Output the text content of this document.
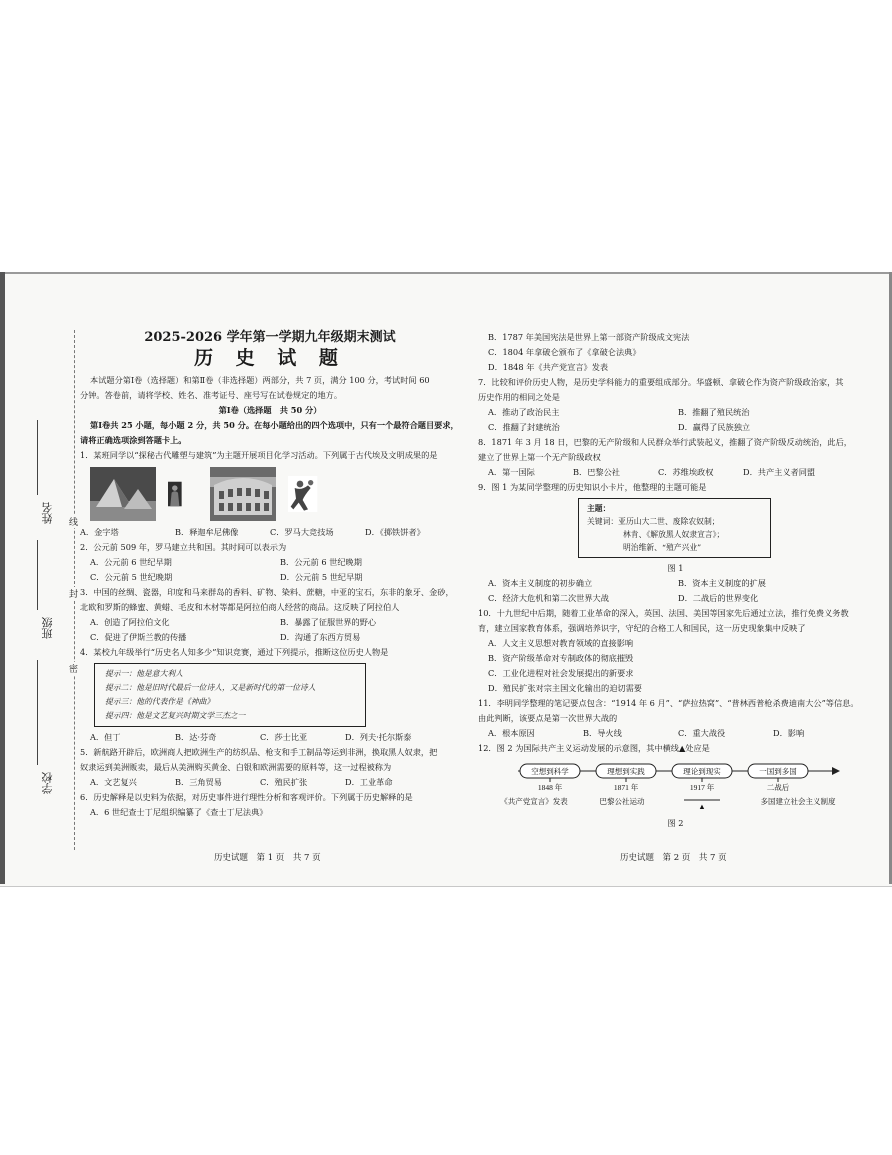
姓名
班级
学校
线
封
密

2025-2026 学年第一学期九年级期末测试

历 史 试 题

本试题分第Ⅰ卷（选择题）和第Ⅱ卷（非选择题）两部分，共 7 页，满分 100 分，考试时间 60

分钟。答卷前，请将学校、姓名、准考证号、座号写在试卷规定的地方。

第Ⅰ卷（选择题　共 50 分）

第Ⅰ卷共 25 小题，每小题 2 分，共 50 分。在每小题给出的四个选项中，只有一个最符合题目要求，

请将正确选项涂到答题卡上。

1．某班同学以“探秘古代雕塑与建筑”为主题开展项目化学习活动。下列属于古代埃及文明成果的是

A．金字塔	B．释迦牟尼佛像	C．罗马大竞技场	D．《掷铁饼者》

2．公元前 509 年，罗马建立共和国。其时间可以表示为

A．公元前 6 世纪早期	B．公元前 6 世纪晚期
C．公元前 5 世纪晚期	D．公元前 5 世纪早期

3．中国的丝绸、瓷器，印度和马来群岛的香料、矿物、染料、蔗糖，中亚的宝石，东非的象牙、金砂，

北欧和罗斯的蜂蜜、黄蜡、毛皮和木材等都是阿拉伯商人经营的商品。这反映了阿拉伯人

A．创造了阿拉伯文化	B．暴露了征服世界的野心
C．促进了伊斯兰教的传播	D．沟通了东西方贸易

4．某校九年级举行“历史名人知多少”知识竞赛，通过下列提示，推断这位历史人物是

提示一：他是意大利人
提示二：他是旧时代最后一位诗人，又是新时代的第一位诗人
提示三：他的代表作是《神曲》
提示四：他是文艺复兴时期文学三杰之一
A．但丁	B．达·芬奇	C．莎士比亚	D．列夫·托尔斯泰

5．新航路开辟后，欧洲商人把欧洲生产的纺织品、枪支和手工制品等运到非洲，换取黑人奴隶，把

奴隶运到美洲贩卖，最后从美洲购买黄金、白银和欧洲需要的原料等，这一过程被称为

A．文艺复兴	B．三角贸易	C．殖民扩张	D．工业革命

6．历史解释是以史料为依据，对历史事件进行理性分析和客观评价。下列属于历史解释的是

A．6 世纪查士丁尼组织编纂了《查士丁尼法典》

B．1787 年美国宪法是世界上第一部资产阶级成文宪法

C．1804 年拿破仑颁布了《拿破仑法典》

D．1848 年《共产党宣言》发表

7．比较和评价历史人物，是历史学科能力的重要组成部分。华盛顿、拿破仑作为资产阶级政治家，其

历史作用的相同之处是

A．推动了政治民主	B．推翻了殖民统治
C．推翻了封建统治	D．赢得了民族独立

8．1871 年 3 月 18 日，巴黎的无产阶级和人民群众举行武装起义，推翻了资产阶级反动统治，此后，

建立了世界上第一个无产阶级政权

A．第一国际	B．巴黎公社	C．苏维埃政权	D．共产主义者同盟

9．图 1 为某同学整理的历史知识小卡片，他整理的主题可能是

主题：
关键词：亚历山大二世、废除农奴制；
林肯、《解放黑人奴隶宣言》；
明治维新、“殖产兴业”

图 1

A．资本主义制度的初步确立	B．资本主义制度的扩展
C．经济大危机和第二次世界大战	D．二战后的世界变化

10．十九世纪中后期，随着工业革命的深入，英国、法国、美国等国家先后通过立法，推行免费义务教

育，建立国家教育体系，强调培养识字，守纪的合格工人和国民，这一历史现象集中反映了

A．人文主义思想对教育领域的直接影响

B．资产阶级革命对专制政体的彻底摧毁

C．工业化进程对社会发展提出的新要求

D．殖民扩张对宗主国文化输出的迫切需要

11．李明同学整理的笔记要点包含：“1914 年 6 月”、“萨拉热窝”、“普林西普枪杀费迪南大公”等信息。

由此判断，该要点是第一次世界大战的

A．根本原因	B．导火线	C．重大战役	D．影响

12．图 2 为国际共产主义运动发展的示意图，其中横线▲处应是

空想到科学	理想到实践	理论到现实	一国到多国
1848 年	1871 年	1917 年	二战后
《共产党宣言》发表	巴黎公社运动
▲
多国建立社会主义制度

图 2

历史试题　第 1 页　共 7 页	历史试题　第 2 页　共 7 页
